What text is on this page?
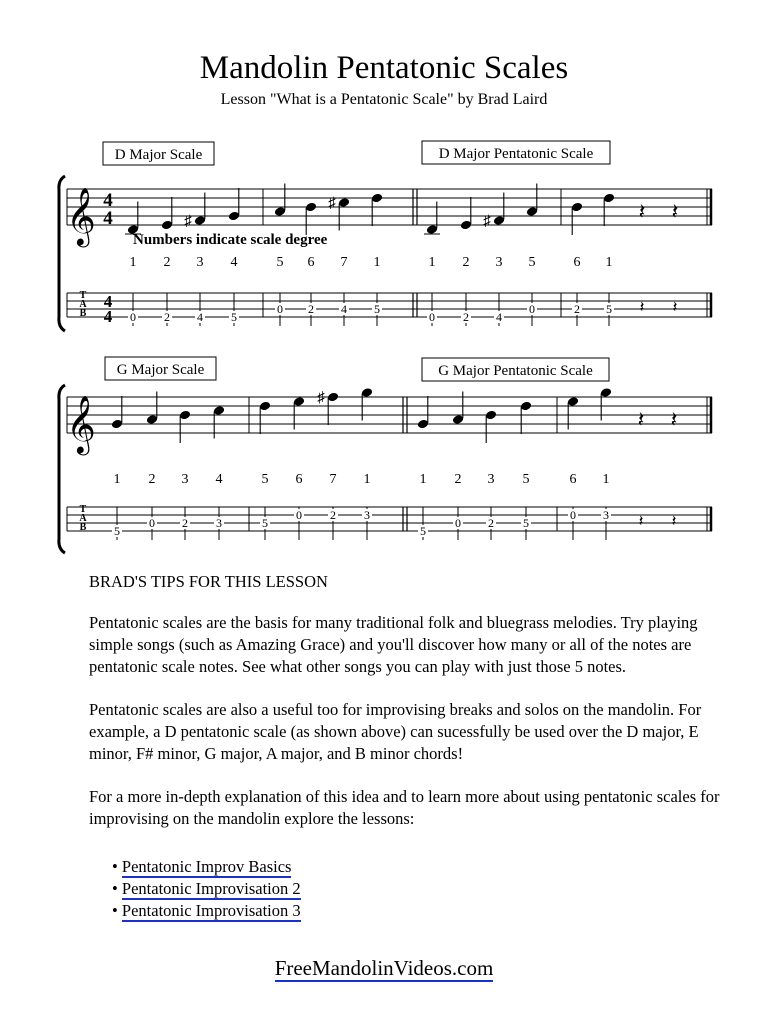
Mandolin Pentatonic Scales
Lesson "What is a Pentatonic Scale" by Brad Laird
𝄞 4
4
4
4
T
A
B
D Major Scale	D Major Pentatonic Scale
Numbers indicate scale degree
1
0
2
2
♯
3
4
4
5
5
0
6
2
♯
7
4
1
5
1
0
2
2
♯
3
4
5
0
6
2
1
5
𝄽
𝄽
𝄽
𝄽
𝄞
T
A
B
G Major Scale	G Major Pentatonic Scale
1
5
2
0
3
2
4
3
5
5
6
0
♯
7
2
1
3
1
5
2
0
3
2
5
5
6
0
1
3
𝄽
𝄽
𝄽
𝄽
BRAD'S TIPS FOR THIS LESSON

Pentatonic scales are the basis for many traditional folk and bluegrass melodies. Try playing simple songs (such as Amazing Grace) and you'll discover how many or all of the notes are pentatonic scale notes. See what other songs you can play with just those 5 notes.

Pentatonic scales are also a useful too for improvising breaks and solos on the mandolin. For example, a D pentatonic scale (as shown above) can sucessfully be used over the D major, E minor, F# minor, G major, A major, and B minor chords!

For a more in-depth explanation of this idea and to learn more about using pentatonic scales for improvising on the mandolin explore the lessons:

• Pentatonic Improv Basics
• Pentatonic Improvisation 2
• Pentatonic Improvisation 3
FreeMandolinVideos.com
